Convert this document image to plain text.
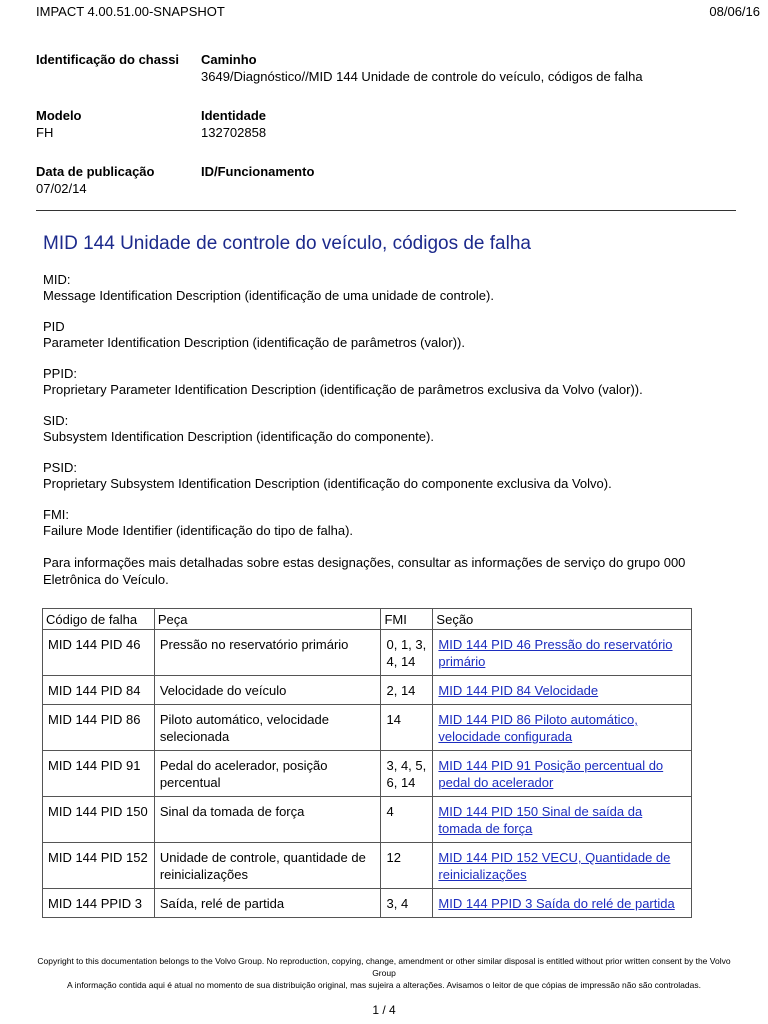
IMPACT 4.00.51.00-SNAPSHOT	08/06/16
Identificação do chassi	Caminho
3649/Diagnóstico//MID 144 Unidade de controle do veículo, códigos de falha
Modelo
FH
Identidade
132702858
Data de publicação
07/02/14
ID/Funcionamento
MID 144 Unidade de controle do veículo, códigos de falha
MID:
Message Identification Description (identificação de uma unidade de controle).
PID
Parameter Identification Description (identificação de parâmetros (valor)).
PPID:
Proprietary Parameter Identification Description (identificação de parâmetros exclusiva da Volvo (valor)).
SID:
Subsystem Identification Description (identificação do componente).
PSID:
Proprietary Subsystem Identification Description (identificação do componente exclusiva da Volvo).
FMI:
Failure Mode Identifier (identificação do tipo de falha).

Para informações mais detalhadas sobre estas designações, consultar as informações de serviço do grupo 000 Eletrônica do Veículo.

Código de falha	Peça	FMI	Seção
MID 144 PID 46	Pressão no reservatório primário	0, 1, 3, 4, 14	MID 144 PID 46 Pressão do reservatório primário
MID 144 PID 84	Velocidade do veículo	2, 14	MID 144 PID 84 Velocidade
MID 144 PID 86	Piloto automático, velocidade selecionada	14	MID 144 PID 86 Piloto automático, velocidade configurada
MID 144 PID 91	Pedal do acelerador, posição percentual	3, 4, 5, 6, 14	MID 144 PID 91 Posição percentual do pedal do acelerador
MID 144 PID 150	Sinal da tomada de força	4	MID 144 PID 150 Sinal de saída da tomada de força
MID 144 PID 152	Unidade de controle, quantidade de reinicializações	12	MID 144 PID 152 VECU, Quantidade de reinicializações
MID 144 PPID 3	Saída, relé de partida	3, 4	MID 144 PPID 3 Saída do relé de partida
Copyright to this documentation belongs to the Volvo Group. No reproduction, copying, change, amendment or other similar disposal is entitled without prior written consent by the Volvo Group
A informação contida aqui é atual no momento de sua distribuição original, mas sujeira a alterações. Avisamos o leitor de que cópias de impressão não são controladas.
1 / 4
